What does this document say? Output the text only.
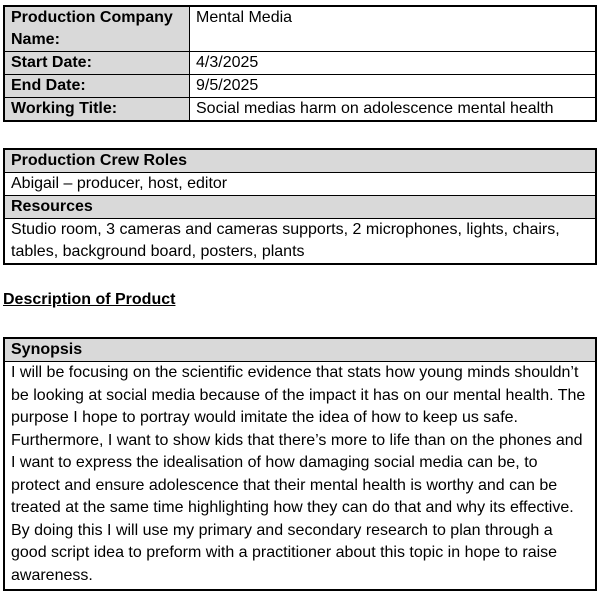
Production Company Name:	Mental Media
Start Date:	4/3/2025
End Date:	9/5/2025
Working Title:	Social medias harm on adolescence mental health
Production Crew Roles
Abigail – producer, host, editor
Resources
Studio room, 3 cameras and cameras supports, 2 microphones, lights, chairs, tables, background board, posters, plants
Description of Product
Synopsis
I will be focusing on the scientific evidence that stats how young minds shouldn’t be looking at social media because of the impact it has on our mental health. The purpose I hope to portray would imitate the idea of how to keep us safe. Furthermore, I want to show kids that there’s more to life than on the phones and I want to express the idealisation of how damaging social media can be, to protect and ensure adolescence that their mental health is worthy and can be treated at the same time highlighting how they can do that and why its effective. By doing this I will use my primary and secondary research to plan through a good script idea to preform with a practitioner about this topic in hope to raise awareness.
